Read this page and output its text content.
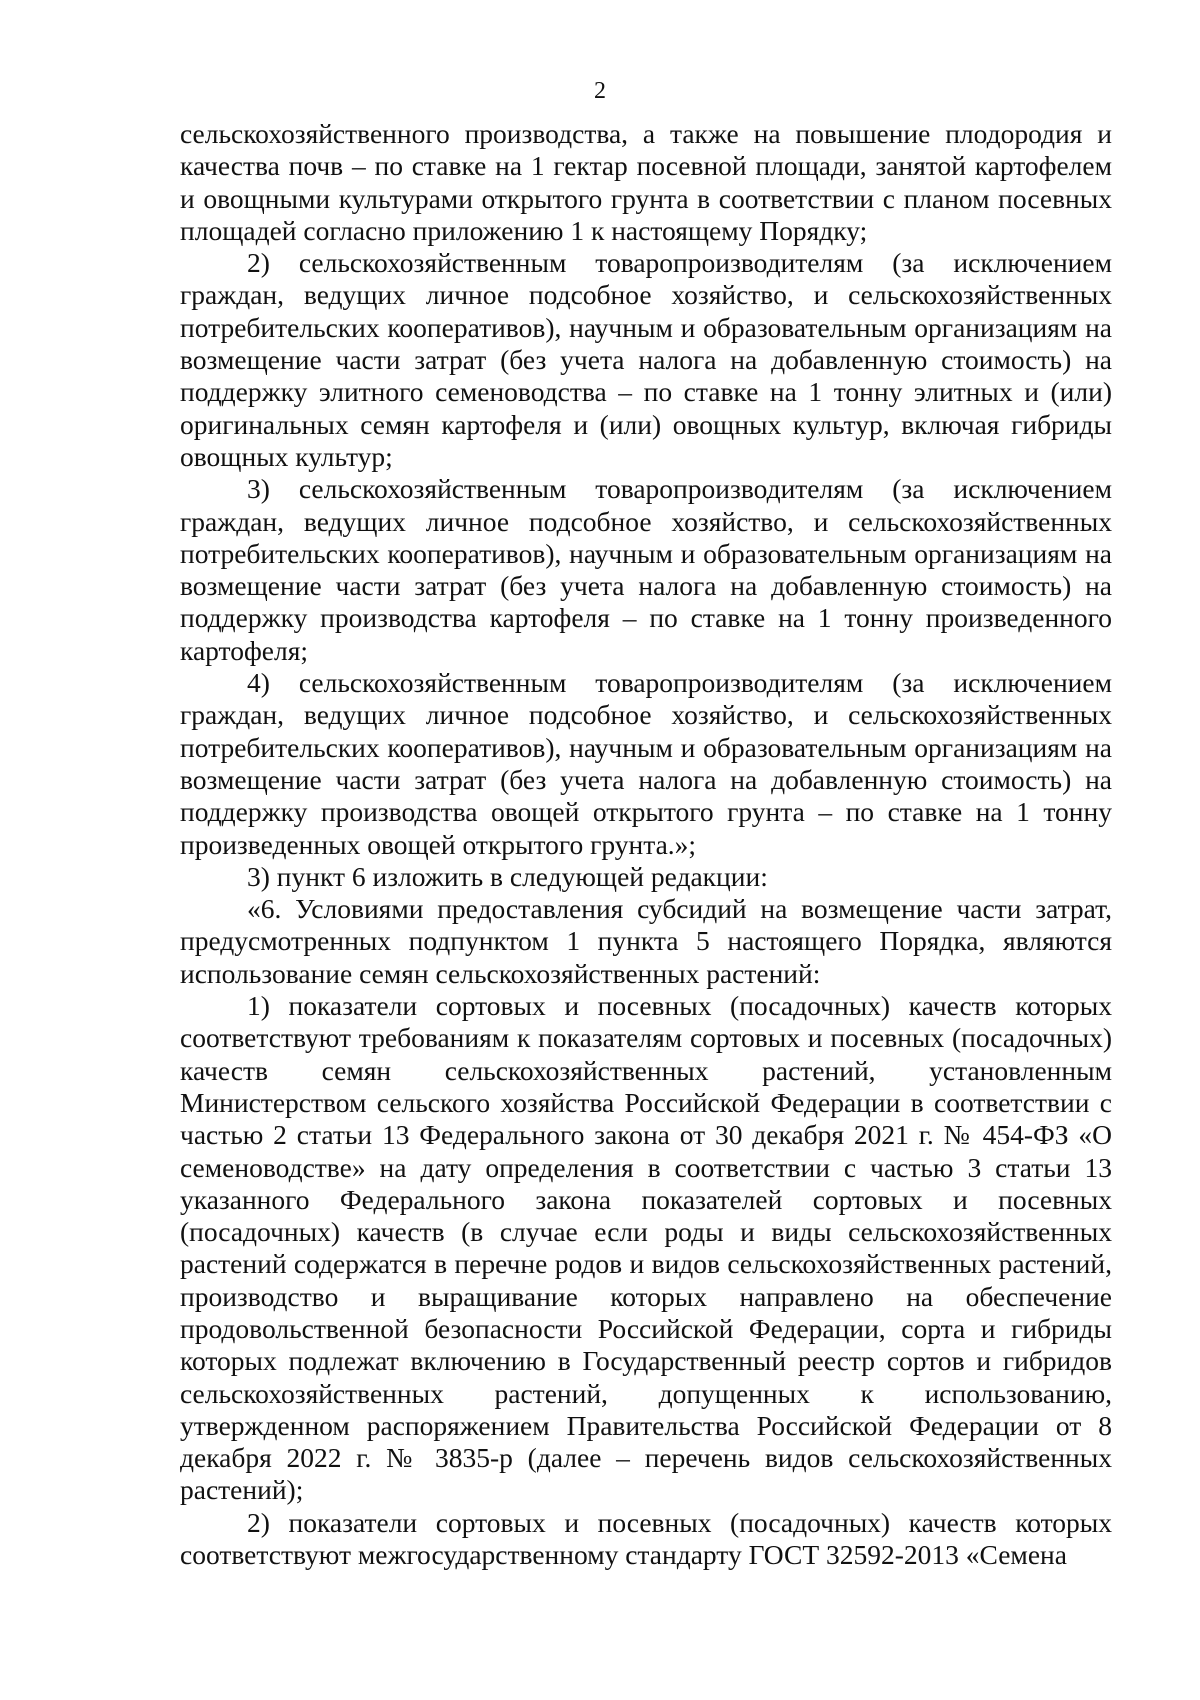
2

сельскохозяйственного производства, а также на повышение плодородия и качества почв – по ставке на 1 гектар посевной площади, занятой картофелем и овощными культурами открытого грунта в соответствии с планом посевных площадей согласно приложению 1 к настоящему Порядку;

2) сельскохозяйственным товаропроизводителям (за исключением граждан, ведущих личное подсобное хозяйство, и сельскохозяйственных потребительских кооперативов), научным и образовательным организациям на возмещение части затрат (без учета налога на добавленную стоимость) на поддержку элитного семеноводства – по ставке на 1 тонну элитных и (или) оригинальных семян картофеля и (или) овощных культур, включая гибриды овощных культур;

3) сельскохозяйственным товаропроизводителям (за исключением граждан, ведущих личное подсобное хозяйство, и сельскохозяйственных потребительских кооперативов), научным и образовательным организациям на возмещение части затрат (без учета налога на добавленную стоимость) на поддержку производства картофеля – по ставке на 1 тонну произведенного картофеля;

4) сельскохозяйственным товаропроизводителям (за исключением граждан, ведущих личное подсобное хозяйство, и сельскохозяйственных потребительских кооперативов), научным и образовательным организациям на возмещение части затрат (без учета налога на добавленную стоимость) на поддержку производства овощей открытого грунта – по ставке на 1 тонну произведенных овощей открытого грунта.»;

3) пункт 6 изложить в следующей редакции:

«6. Условиями предоставления субсидий на возмещение части затрат, предусмотренных подпунктом 1 пункта 5 настоящего Порядка, являются использование семян сельскохозяйственных растений:

1) показатели сортовых и посевных (посадочных) качеств которых соответствуют требованиям к показателям сортовых и посевных (посадочных) качеств семян сельскохозяйственных растений, установленным Министерством сельского хозяйства Российской Федерации в соответствии с частью 2 статьи 13 Федерального закона от 30 декабря 2021 г. № 454-ФЗ «О семеноводстве» на дату определения в соответствии с частью 3 статьи 13 указанного Федерального закона показателей сортовых и посевных (посадочных) качеств (в случае если роды и виды сельскохозяйственных растений содержатся в перечне родов и видов сельскохозяйственных растений, производство и выращивание которых направлено на обеспечение продовольственной безопасности Российской Федерации, сорта и гибриды которых подлежат включению в Государственный реестр сортов и гибридов сельскохозяйственных растений, допущенных к использованию, утвержденном распоряжением Правительства Российской Федерации от 8 декабря 2022 г. № 3835-р (далее – перечень видов сельскохозяйственных растений);

2) показатели сортовых и посевных (посадочных) качеств которых соответствуют межгосударственному стандарту ГОСТ 32592-2013 «Семена
